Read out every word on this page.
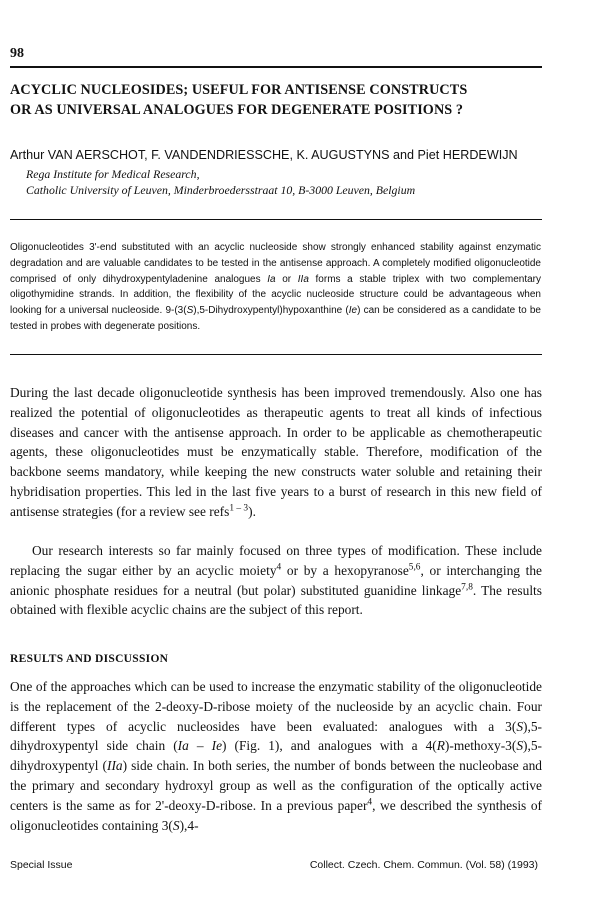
98
ACYCLIC NUCLEOSIDES; USEFUL FOR ANTISENSE CONSTRUCTS
OR AS UNIVERSAL ANALOGUES FOR DEGENERATE POSITIONS ?
Arthur VAN AERSCHOT, F. VANDENDRIESSCHE, K. AUGUSTYNS and Piet HERDEWIJN
Rega Institute for Medical Research,
Catholic University of Leuven, Minderbroedersstraat 10, B-3000 Leuven, Belgium
Oligonucleotides 3'-end substituted with an acyclic nucleoside show strongly enhanced stability against enzymatic degradation and are valuable candidates to be tested in the antisense approach. A completely modified oligonucleotide comprised of only dihydroxypentyladenine analogues Ia or IIa forms a stable triplex with two complementary oligothymidine strands. In addition, the flexibility of the acyclic nucleoside structure could be advantageous when looking for a universal nucleoside. 9-(3(S),5-Dihydroxypentyl)hypoxanthine (Ie) can be considered as a candidate to be tested in probes with degenerate positions.

During the last decade oligonucleotide synthesis has been improved tremendously. Also one has realized the potential of oligonucleotides as therapeutic agents to treat all kinds of infectious diseases and cancer with the antisense approach. In order to be applicable as chemotherapeutic agents, these oligonucleotides must be enzymatically stable. Therefore, modification of the backbone seems mandatory, while keeping the new constructs water soluble and retaining their hybridisation properties. This led in the last five years to a burst of research in this new field of antisense strategies (for a review see refs$^{1 - 3}$).

Our research interests so far mainly focused on three types of modification. These include replacing the sugar either by an acyclic moiety$^4$ or by a hexopyranose$^{5,6}$, or interchanging the anionic phosphate residues for a neutral (but polar) substituted guanidine linkage$^{7,8}$. The results obtained with flexible acyclic chains are the subject of this report.

RESULTS AND DISCUSSION

One of the approaches which can be used to increase the enzymatic stability of the oligonucleotide is the replacement of the 2-deoxy-D-ribose moiety of the nucleoside by an acyclic chain. Four different types of acyclic nucleosides have been evaluated: analogues with a 3(S),5-dihydroxypentyl side chain (Ia – Ie) (Fig. 1), and analogues with a 4(R)-methoxy-3(S),5-dihydroxypentyl (IIa) side chain. In both series, the number of bonds between the nucleobase and the primary and secondary hydroxyl group as well as the configuration of the optically active centers is the same as for 2'-deoxy-D-ribose. In a previous paper$^4$, we described the synthesis of oligonucleotides containing 3(S),4-

Special Issue	Collect. Czech. Chem. Commun. (Vol. 58) (1993)
